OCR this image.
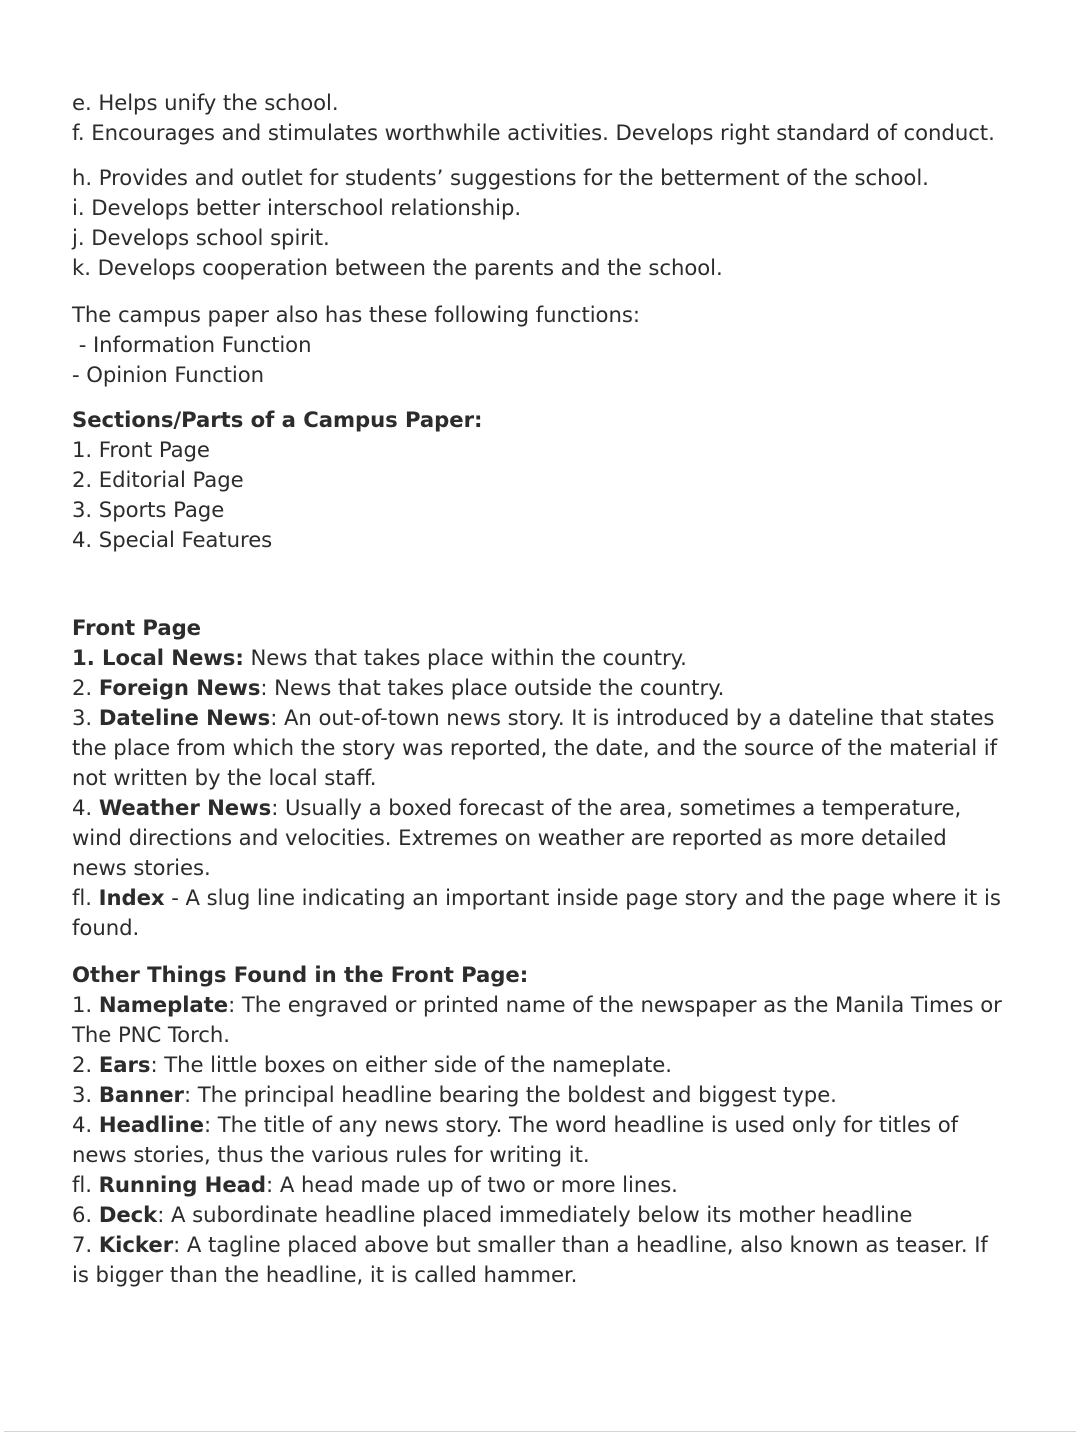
e. Helps unify the school.
f. Encourages and stimulates worthwhile activities. Develops right standard of conduct.
h. Provides and outlet for students’ suggestions for the betterment of the school.
i. Develops better interschool relationship.
j. Develops school spirit.
k. Develops cooperation between the parents and the school.
The campus paper also has these following functions:
- Information Function
- Opinion Function
Sections/Parts of a Campus Paper:
1. Front Page
2. Editorial Page
3. Sports Page
4. Special Features
Front Page
1. Local News: News that takes place within the country.
2. Foreign News: News that takes place outside the country.
3. Dateline News: An out-of-town news story. It is introduced by a dateline that states the place from which the story was reported, the date, and the source of the material if not written by the local staff.
4. Weather News: Usually a boxed forecast of the area, sometimes a temperature, wind directions and velocities. Extremes on weather are reported as more detailed news stories.
fl. Index - A slug line indicating an important inside page story and the page where it is found.
Other Things Found in the Front Page:
1. Nameplate: The engraved or printed name of the newspaper as the Manila Times or The PNC Torch.
2. Ears: The little boxes on either side of the nameplate.
3. Banner: The principal headline bearing the boldest and biggest type.
4. Headline: The title of any news story. The word headline is used only for titles of news stories, thus the various rules for writing it.
fl. Running Head: A head made up of two or more lines.
6. Deck: A subordinate headline placed immediately below its mother headline
7. Kicker: A tagline placed above but smaller than a headline, also known as teaser. If is bigger than the headline, it is called hammer.
